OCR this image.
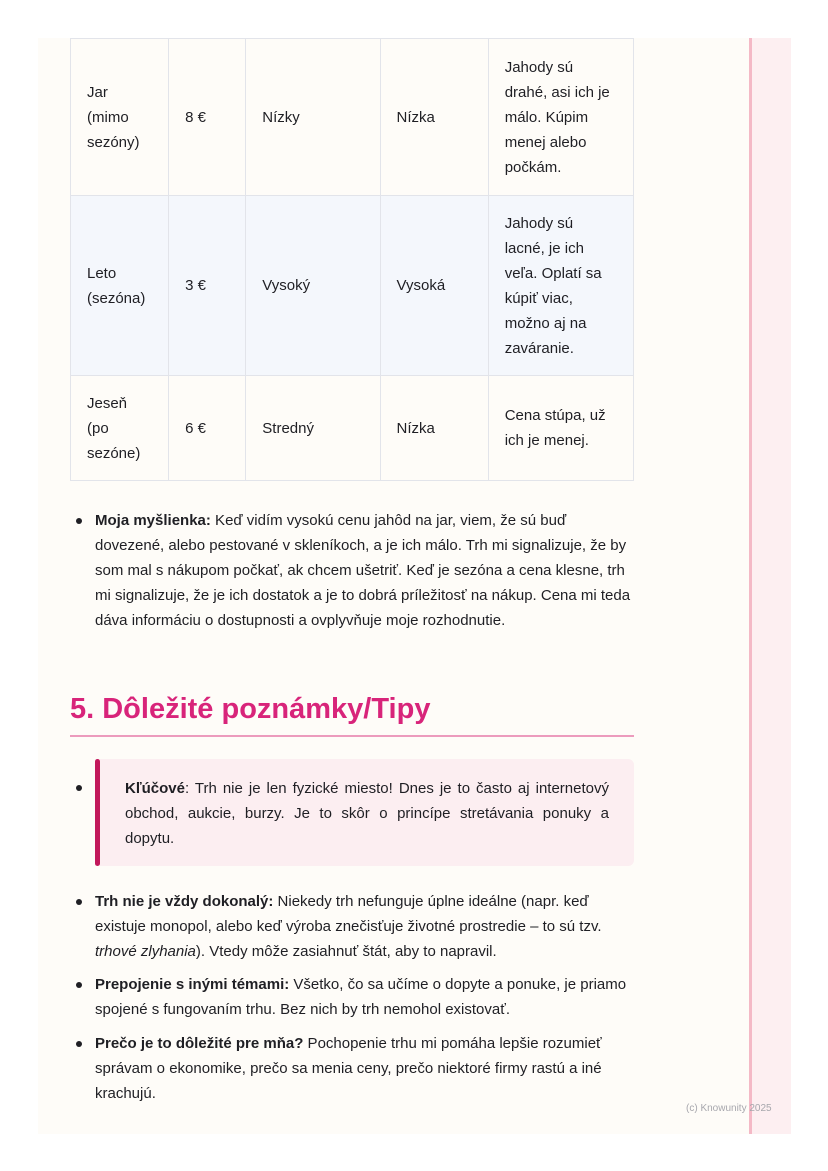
Jar (mimo sezóny)	8 €	Nízky	Nízka	Jahody sú drahé, asi ich je málo. Kúpim menej alebo počkám.
Leto (sezóna)	3 €	Vysoký	Vysoká	Jahody sú lacné, je ich veľa. Oplatí sa kúpiť viac, možno aj na zaváranie.
Jeseň (po sezóne)	6 €	Stredný	Nízka	Cena stúpa, už ich je menej.
Moja myšlienka: Keď vidím vysokú cenu jahôd na jar, viem, že sú buď dovezené, alebo pestované v skleníkoch, a je ich málo. Trh mi signalizuje, že by som mal s nákupom počkať, ak chcem ušetriť. Keď je sezóna a cena klesne, trh mi signalizuje, že je ich dostatok a je to dobrá príležitosť na nákup. Cena mi teda dáva informáciu o dostupnosti a ovplyvňuje moje rozhodnutie.
5. Dôležité poznámky/Tipy
Kľúčové: Trh nie je len fyzické miesto! Dnes je to často aj internetový obchod, aukcie, burzy. Je to skôr o princípe stretávania ponuky a dopytu.
Trh nie je vždy dokonalý: Niekedy trh nefunguje úplne ideálne (napr. keď existuje monopol, alebo keď výroba znečisťuje životné prostredie – to sú tzv. trhové zlyhania). Vtedy môže zasiahnuť štát, aby to napravil.
Prepojenie s inými témami: Všetko, čo sa učíme o dopyte a ponuke, je priamo spojené s fungovaním trhu. Bez nich by trh nemohol existovať.
Prečo je to dôležité pre mňa? Pochopenie trhu mi pomáha lepšie rozumieť správam o ekonomike, prečo sa menia ceny, prečo niektoré firmy rastú a iné krachujú.
(c) Knowunity 2025
